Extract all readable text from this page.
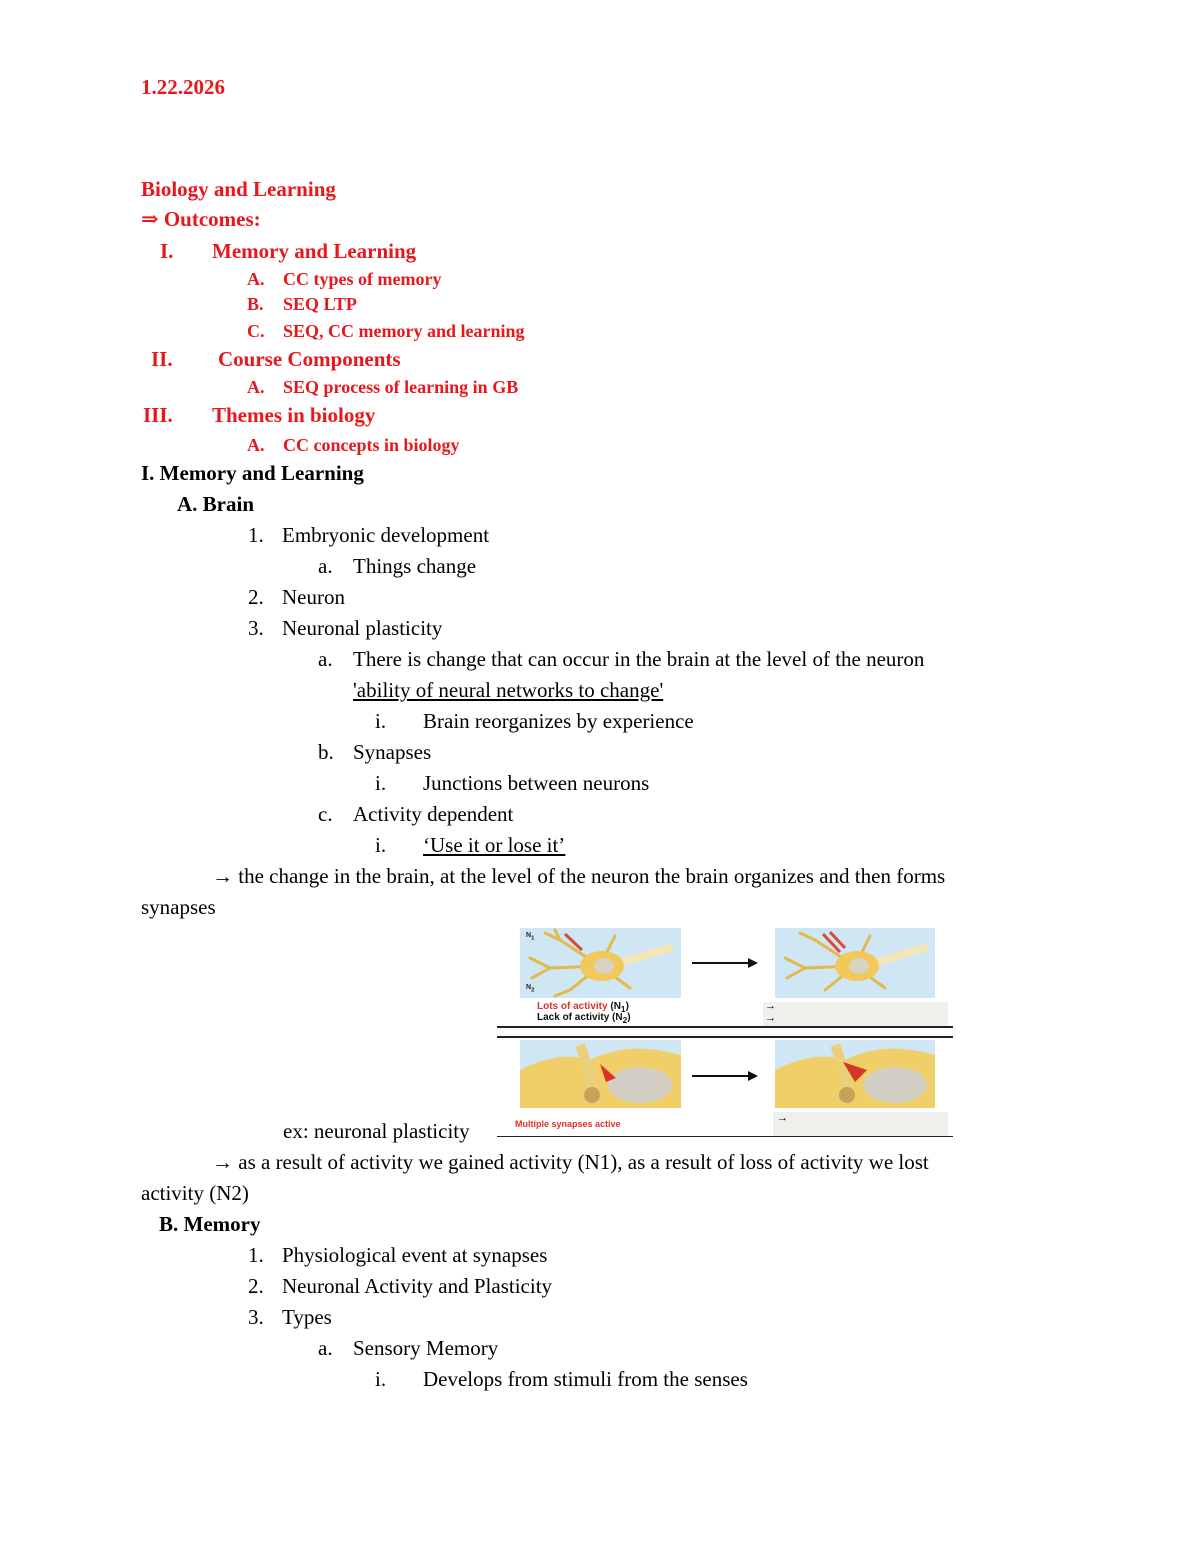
1.22.2026
Biology and Learning
⇒ Outcomes:
I. Memory and Learning
A. CC types of memory
B. SEQ LTP
C. SEQ, CC memory and learning
II. Course Components
A. SEQ process of learning in GB
III. Themes in biology
A. CC concepts in biology
I. Memory and Learning
A. Brain
1. Embryonic development
a. Things change
2. Neuron
3. Neuronal plasticity
a. There is change that can occur in the brain at the level of the neuron
'ability of neural networks to change'
i. Brain reorganizes by experience
b. Synapses
i. Junctions between neurons
c. Activity dependent
i. ‘Use it or lose it’
→ the change in the brain, at the level of the neuron the brain organizes and then forms
synapses
$N_1$
$N_2$
Lots of activity $(N_1)$
Lack of activity $(N_2)$
→
→
Multiple synapses active	→
ex: neuronal plasticity
→ as a result of activity we gained activity (N1), as a result of loss of activity we lost
activity (N2)
B. Memory
1. Physiological event at synapses
2. Neuronal Activity and Plasticity
3. Types
a. Sensory Memory
i. Develops from stimuli from the senses
